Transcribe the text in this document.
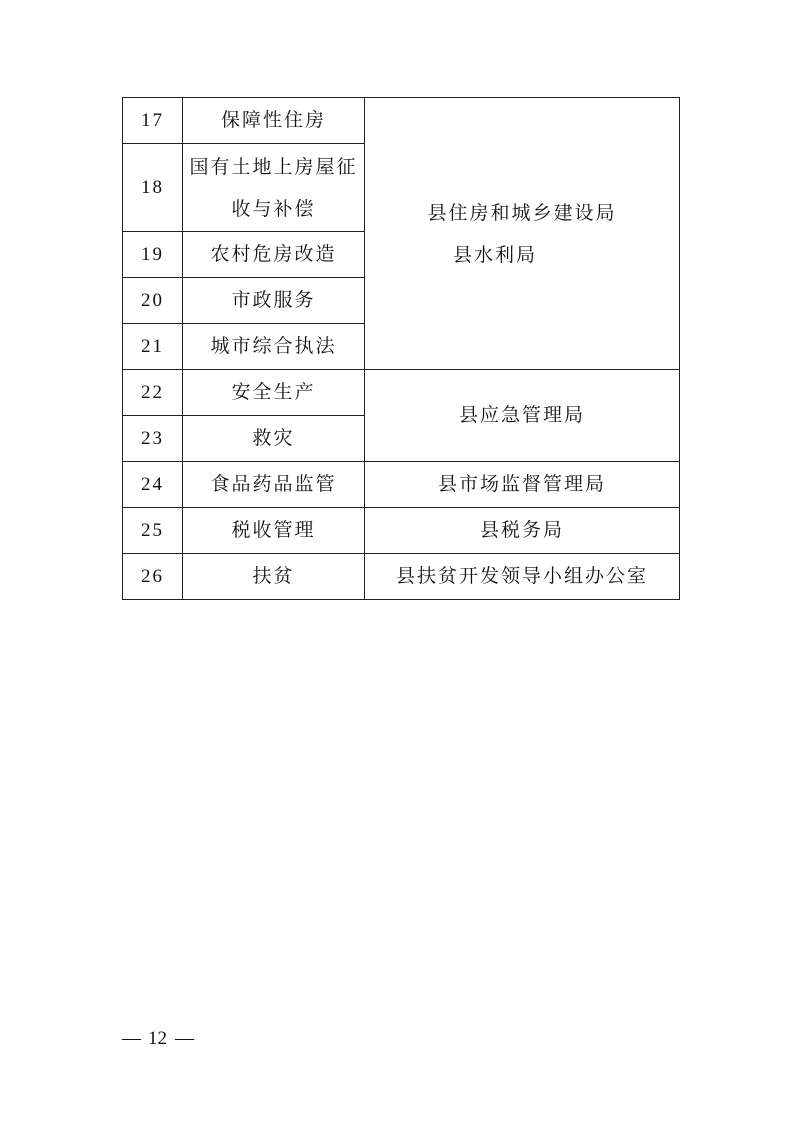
17	保障性住房	县住房和城乡建设局
县水利局

18	国有土地上房屋征
收与补偿	
19	农村危房改造	
20	市政服务	
21	城市综合执法	
22	安全生产	县应急管理局
23	救灾	
24	食品药品监管	县市场监督管理局
25	税收管理	县税务局
26	扶贫	县扶贫开发领导小组办公室
— 12 —
